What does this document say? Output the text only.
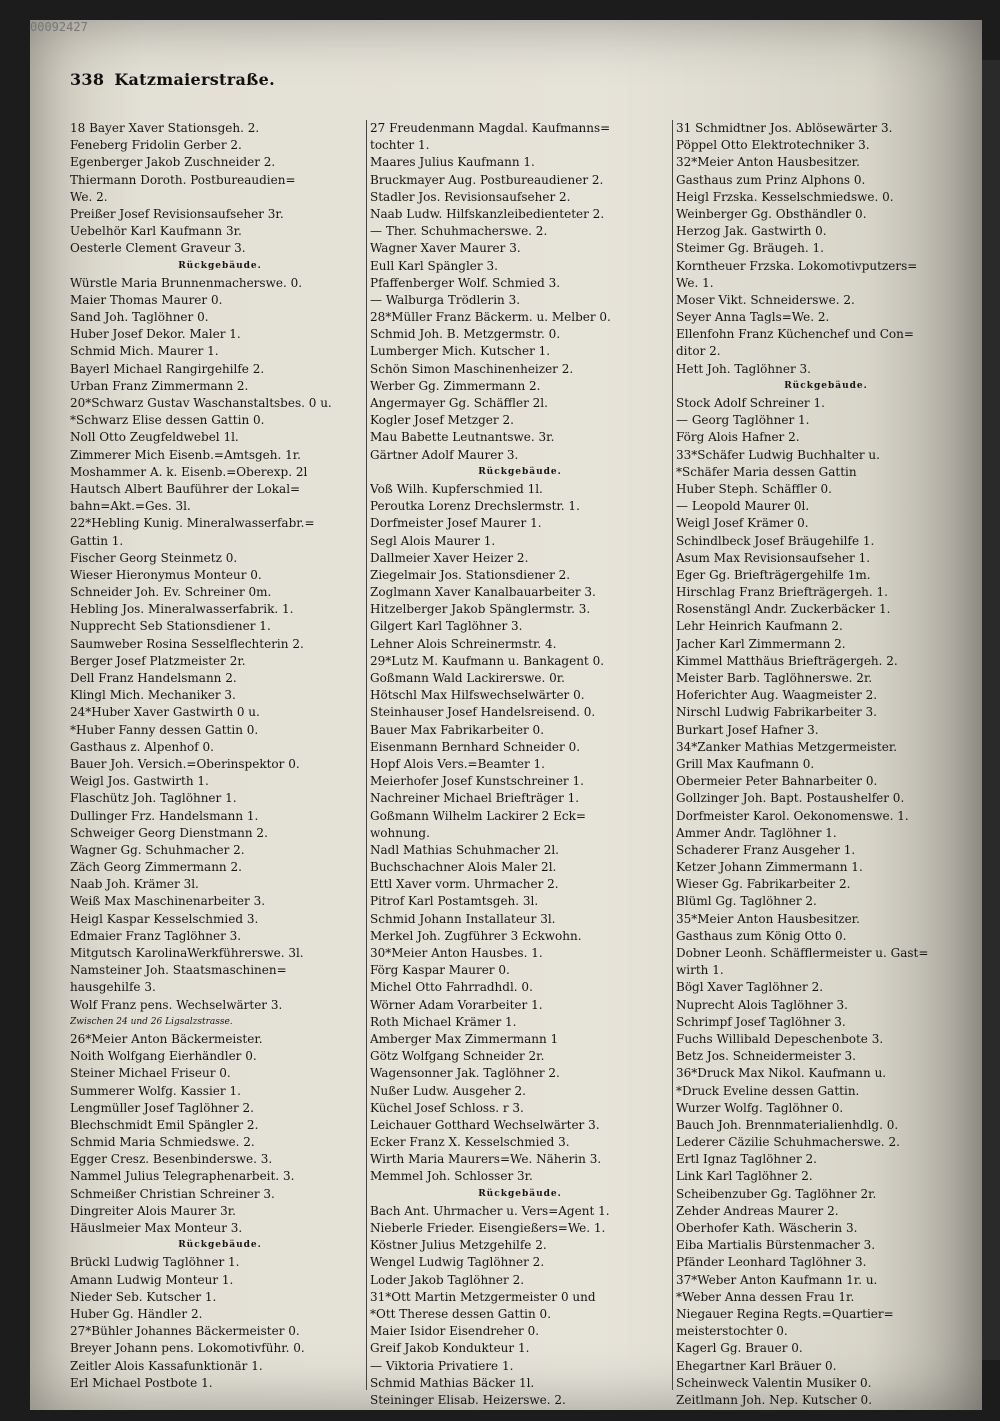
00092427
338 Katzmaierstraße.
18 Bayer Xaver Stationsgeh. 2.
Feneberg Fridolin Gerber 2.
Egenberger Jakob Zuschneider 2.
Thiermann Doroth. Postbureaudien=
We. 2.
Preißer Josef Revisionsaufseher 3r.
Uebelhör Karl Kaufmann 3r.
Oesterle Clement Graveur 3.
Rückgebäude.
Würstle Maria Brunnenmacherswe. 0.
Maier Thomas Maurer 0.
Sand Joh. Taglöhner 0.
Huber Josef Dekor. Maler 1.
Schmid Mich. Maurer 1.
Bayerl Michael Rangirgehilfe 2.
Urban Franz Zimmermann 2.
20*Schwarz Gustav Waschanstaltsbes. 0 u.
*Schwarz Elise dessen Gattin 0.
Noll Otto Zeugfeldwebel 1l.
Zimmerer Mich Eisenb.=Amtsgeh. 1r.
Moshammer A. k. Eisenb.=Oberexp. 2l
Hautsch Albert Bauführer der Lokal=
bahn=Akt.=Ges. 3l.
22*Hebling Kunig. Mineralwasserfabr.=
Gattin 1.
Fischer Georg Steinmetz 0.
Wieser Hieronymus Monteur 0.
Schneider Joh. Ev. Schreiner 0m.
Hebling Jos. Mineralwasserfabrik. 1.
Nupprecht Seb Stationsdiener 1.
Saumweber Rosina Sesselflechterin 2.
Berger Josef Platzmeister 2r.
Dell Franz Handelsmann 2.
Klingl Mich. Mechaniker 3.
24*Huber Xaver Gastwirth 0 u.
*Huber Fanny dessen Gattin 0.
Gasthaus z. Alpenhof 0.
Bauer Joh. Versich.=Oberinspektor 0.
Weigl Jos. Gastwirth 1.
Flaschütz Joh. Taglöhner 1.
Dullinger Frz. Handelsmann 1.
Schweiger Georg Dienstmann 2.
Wagner Gg. Schuhmacher 2.
Zäch Georg Zimmermann 2.
Naab Joh. Krämer 3l.
Weiß Max Maschinenarbeiter 3.
Heigl Kaspar Kesselschmied 3.
Edmaier Franz Taglöhner 3.
Mitgutsch KarolinaWerkführerswe. 3l.
Namsteiner Joh. Staatsmaschinen=
hausgehilfe 3.
Wolf Franz pens. Wechselwärter 3.
Zwischen 24 und 26 Ligsalzstrasse.
26*Meier Anton Bäckermeister.
Noith Wolfgang Eierhändler 0.
Steiner Michael Friseur 0.
Summerer Wolfg. Kassier 1.
Lengmüller Josef Taglöhner 2.
Blechschmidt Emil Spängler 2.
Schmid Maria Schmiedswe. 2.
Egger Cresz. Besenbinderswe. 3.
Nammel Julius Telegraphenarbeit. 3.
Schmeißer Christian Schreiner 3.
Dingreiter Alois Maurer 3r.
Häuslmeier Max Monteur 3.
Rückgebäude.
Brückl Ludwig Taglöhner 1.
Amann Ludwig Monteur 1.
Nieder Seb. Kutscher 1.
Huber Gg. Händler 2.
27*Bühler Johannes Bäckermeister 0.
Breyer Johann pens. Lokomotivführ. 0.
Zeitler Alois Kassafunktionär 1.
Erl Michael Postbote 1.
27 Freudenmann Magdal. Kaufmanns=
tochter 1.
Maares Julius Kaufmann 1.
Bruckmayer Aug. Postbureaudiener 2.
Stadler Jos. Revisionsaufseher 2.
Naab Ludw. Hilfskanzleibedienteter 2.
— Ther. Schuhmacherswe. 2.
Wagner Xaver Maurer 3.
Eull Karl Spängler 3.
Pfaffenberger Wolf. Schmied 3.
— Walburga Trödlerin 3.
28*Müller Franz Bäckerm. u. Melber 0.
Schmid Joh. B. Metzgermstr. 0.
Lumberger Mich. Kutscher 1.
Schön Simon Maschinenheizer 2.
Werber Gg. Zimmermann 2.
Angermayer Gg. Schäffler 2l.
Kogler Josef Metzger 2.
Mau Babette Leutnantswe. 3r.
Gärtner Adolf Maurer 3.
Rückgebäude.
Voß Wilh. Kupferschmied 1l.
Peroutka Lorenz Drechslermstr. 1.
Dorfmeister Josef Maurer 1.
Segl Alois Maurer 1.
Dallmeier Xaver Heizer 2.
Ziegelmair Jos. Stationsdiener 2.
Zoglmann Xaver Kanalbauarbeiter 3.
Hitzelberger Jakob Spänglermstr. 3.
Gilgert Karl Taglöhner 3.
Lehner Alois Schreinermstr. 4.
29*Lutz M. Kaufmann u. Bankagent 0.
Goßmann Wald Lackirerswe. 0r.
Hötschl Max Hilfswechselwärter 0.
Steinhauser Josef Handelsreisend. 0.
Bauer Max Fabrikarbeiter 0.
Eisenmann Bernhard Schneider 0.
Hopf Alois Vers.=Beamter 1.
Meierhofer Josef Kunstschreiner 1.
Nachreiner Michael Briefträger 1.
Goßmann Wilhelm Lackirer 2 Eck=
wohnung.
Nadl Mathias Schuhmacher 2l.
Buchschachner Alois Maler 2l.
Ettl Xaver vorm. Uhrmacher 2.
Pitrof Karl Postamtsgeh. 3l.
Schmid Johann Installateur 3l.
Merkel Joh. Zugführer 3 Eckwohn.
30*Meier Anton Hausbes. 1.
Förg Kaspar Maurer 0.
Michel Otto Fahrradhdl. 0.
Wörner Adam Vorarbeiter 1.
Roth Michael Krämer 1.
Amberger Max Zimmermann 1
Götz Wolfgang Schneider 2r.
Wagensonner Jak. Taglöhner 2.
Nußer Ludw. Ausgeher 2.
Küchel Josef Schloss. r 3.
Leichauer Gotthard Wechselwärter 3.
Ecker Franz X. Kesselschmied 3.
Wirth Maria Maurers=We. Näherin 3.
Memmel Joh. Schlosser 3r.
Rückgebäude.
Bach Ant. Uhrmacher u. Vers=Agent 1.
Nieberle Frieder. Eisengießers=We. 1.
Köstner Julius Metzgehilfe 2.
Wengel Ludwig Taglöhner 2.
Loder Jakob Taglöhner 2.
31*Ott Martin Metzgermeister 0 und
*Ott Therese dessen Gattin 0.
Maier Isidor Eisendreher 0.
Greif Jakob Kondukteur 1.
— Viktoria Privatiere 1.
Schmid Mathias Bäcker 1l.
Steininger Elisab. Heizerswe. 2.
31 Schmidtner Jos. Ablösewärter 3.
Pöppel Otto Elektrotechniker 3.
32*Meier Anton Hausbesitzer.
Gasthaus zum Prinz Alphons 0.
Heigl Frzska. Kesselschmiedswe. 0.
Weinberger Gg. Obsthändler 0.
Herzog Jak. Gastwirth 0.
Steimer Gg. Bräugeh. 1.
Korntheuer Frzska. Lokomotivputzers=
We. 1.
Moser Vikt. Schneiderswe. 2.
Seyer Anna Tagls=We. 2.
Ellenfohn Franz Küchenchef und Con=
ditor 2.
Hett Joh. Taglöhner 3.
Rückgebäude.
Stock Adolf Schreiner 1.
— Georg Taglöhner 1.
Förg Alois Hafner 2.
33*Schäfer Ludwig Buchhalter u.
*Schäfer Maria dessen Gattin
Huber Steph. Schäffler 0.
— Leopold Maurer 0l.
Weigl Josef Krämer 0.
Schindlbeck Josef Bräugehilfe 1.
Asum Max Revisionsaufseher 1.
Eger Gg. Briefträgergehilfe 1m.
Hirschlag Franz Briefträgergeh. 1.
Rosenstängl Andr. Zuckerbäcker 1.
Lehr Heinrich Kaufmann 2.
Jacher Karl Zimmermann 2.
Kimmel Matthäus Briefträgergeh. 2.
Meister Barb. Taglöhnerswe. 2r.
Hoferichter Aug. Waagmeister 2.
Nirschl Ludwig Fabrikarbeiter 3.
Burkart Josef Hafner 3.
34*Zanker Mathias Metzgermeister.
Grill Max Kaufmann 0.
Obermeier Peter Bahnarbeiter 0.
Gollzinger Joh. Bapt. Postaushelfer 0.
Dorfmeister Karol. Oekonomenswe. 1.
Ammer Andr. Taglöhner 1.
Schaderer Franz Ausgeher 1.
Ketzer Johann Zimmermann 1.
Wieser Gg. Fabrikarbeiter 2.
Blüml Gg. Taglöhner 2.
35*Meier Anton Hausbesitzer.
Gasthaus zum König Otto 0.
Dobner Leonh. Schäfflermeister u. Gast=
wirth 1.
Bögl Xaver Taglöhner 2.
Nuprecht Alois Taglöhner 3.
Schrimpf Josef Taglöhner 3.
Fuchs Willibald Depeschenbote 3.
Betz Jos. Schneidermeister 3.
36*Druck Max Nikol. Kaufmann u.
*Druck Eveline dessen Gattin.
Wurzer Wolfg. Taglöhner 0.
Bauch Joh. Brennmaterialienhdlg. 0.
Lederer Cäzilie Schuhmacherswe. 2.
Ertl Ignaz Taglöhner 2.
Link Karl Taglöhner 2.
Scheibenzuber Gg. Taglöhner 2r.
Zehder Andreas Maurer 2.
Oberhofer Kath. Wäscherin 3.
Eiba Martialis Bürstenmacher 3.
Pfänder Leonhard Taglöhner 3.
37*Weber Anton Kaufmann 1r. u.
*Weber Anna dessen Frau 1r.
Niegauer Regina Regts.=Quartier=
meisterstochter 0.
Kagerl Gg. Brauer 0.
Ehegartner Karl Bräuer 0.
Scheinweck Valentin Musiker 0.
Zeitlmann Joh. Nep. Kutscher 0.
